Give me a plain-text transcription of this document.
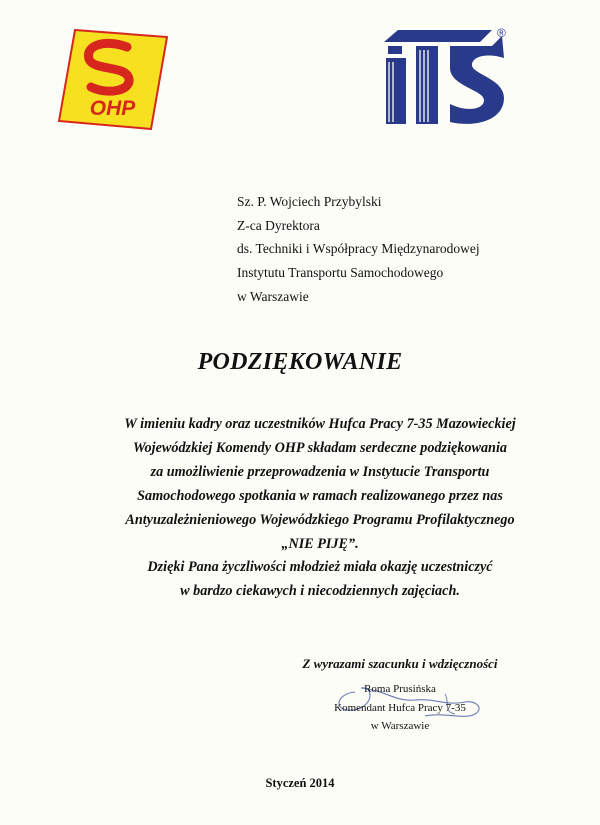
OHP
®
Sz. P. Wojciech Przybylski
Z-ca Dyrektora
ds. Techniki i Współpracy Międzynarodowej
Instytutu Transportu Samochodowego
w Warszawie
PODZIĘKOWANIE
W imieniu kadry oraz uczestników Hufca Pracy 7-35 Mazowieckiej
Wojewódzkiej Komendy OHP składam serdeczne podziękowania
za umożliwienie przeprowadzenia w Instytucie Transportu
Samochodowego spotkania w ramach realizowanego przez nas
Antyuzależnieniowego Wojewódzkiego Programu Profilaktycznego
„NIE PIJĘ”.
Dzięki Pana życzliwości młodzież miała okazję uczestniczyć
w bardzo ciekawych i niecodziennych zajęciach.
Z wyrazami szacunku i wdzięczności
Roma Prusińska
Komendant Hufca Pracy 7-35
w Warszawie
Styczeń 2014
